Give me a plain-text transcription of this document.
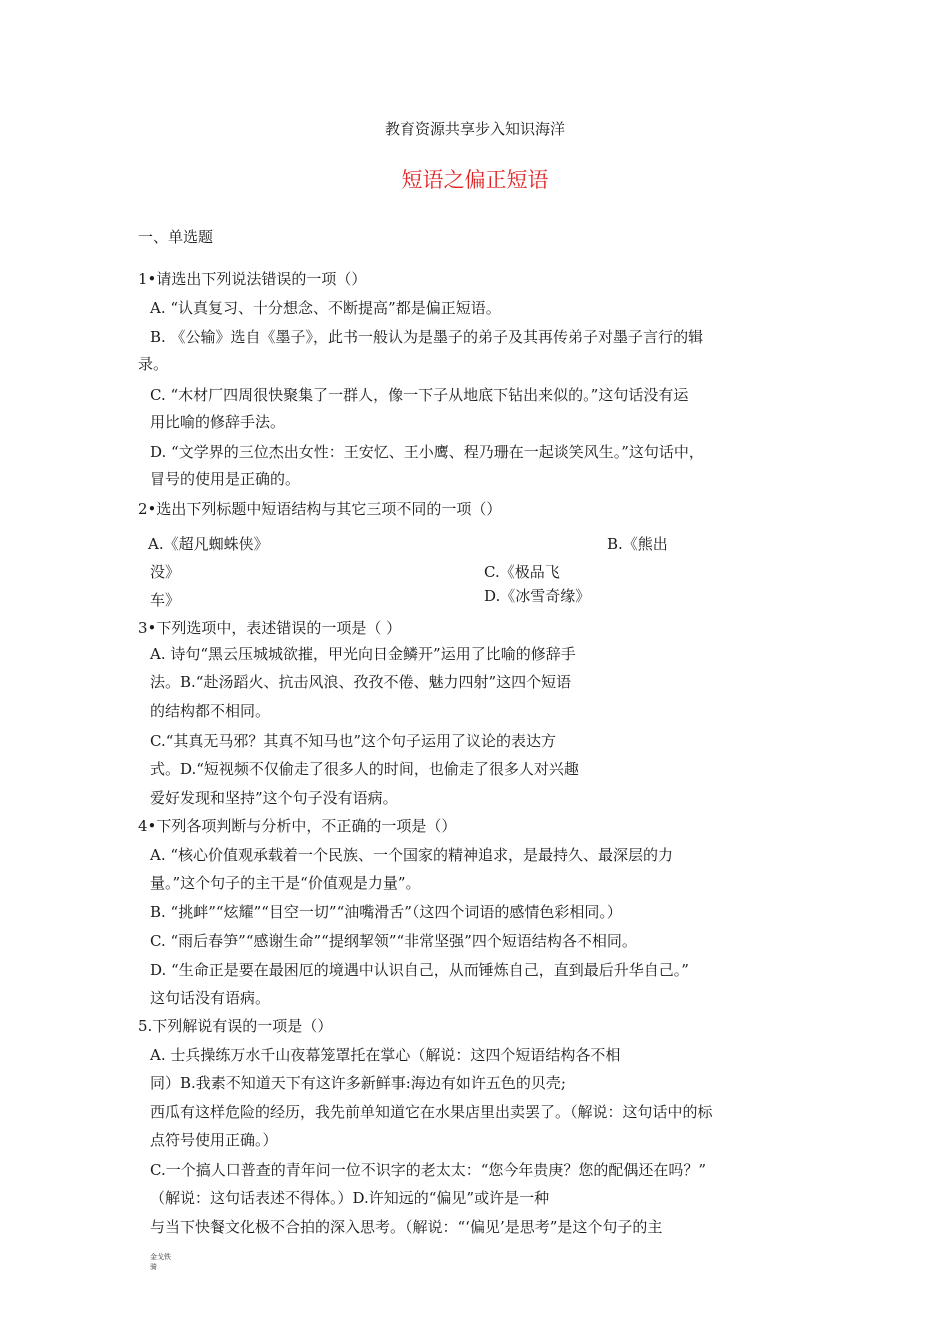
教育资源共享步入知识海洋
短语之偏正短语
一、单选题
1•请选出下列说法错误的一项（）
A. “认真复习、十分想念、不断提高”都是偏正短语。
B. 《公输》选自《墨子》，此书一般认为是墨子的弟子及其再传弟子对墨子言行的辑
录。
C. “木材厂四周很快聚集了一群人，像一下子从地底下钻出来似的。”这句话没有运
用比喻的修辞手法。
D. “文学界的三位杰出女性：王安忆、王小鹰、程乃珊在一起谈笑风生。”这句话中，
冒号的使用是正确的。
2•选出下列标题中短语结构与其它三项不同的一项（）
A.《超凡蜘蛛侠》	B.《熊出
没》	C.《极品飞
车》	D.《冰雪奇缘》
3•下列选项中，表述错误的一项是（ ）
A. 诗句“黑云压城城欲摧，甲光向日金鳞开”运用了比喻的修辞手
法。B.“赴汤蹈火、抗击风浪、孜孜不倦、魅力四射”这四个短语
的结构都不相同。
C.“其真无马邪？其真不知马也”这个句子运用了议论的表达方
式。D.“短视频不仅偷走了很多人的时间，也偷走了很多人对兴趣
爱好发现和坚持”这个句子没有语病。
4•下列各项判断与分析中，不正确的一项是（）
A. “核心价值观承载着一个民族、一个国家的精神追求，是最持久、最深层的力
量。”这个句子的主干是“价值观是力量”。
B. “挑衅”“炫耀”“目空一切”“油嘴滑舌”（这四个词语的感情色彩相同。）
C. “雨后春笋”“感谢生命”“提纲挈领”“非常坚强”四个短语结构各不相同。
D. “生命正是要在最困厄的境遇中认识自己，从而锤炼自己，直到最后升华自己。”
这句话没有语病。
5.下列解说有误的一项是（）
A. 士兵操练万水千山夜幕笼罩托在掌心（解说：这四个短语结构各不相
同）B.我素不知道天下有这许多新鲜事:海边有如许五色的贝壳;
西瓜有这样危险的经历，我先前单知道它在水果店里出卖罢了。（解说：这句话中的标
点符号使用正确。）
C.一个搞人口普查的青年问一位不识字的老太太：“您今年贵庚？您的配偶还在吗？”
（解说：这句话表述不得体。）D.许知远的“偏见”或许是一种
与当下快餐文化极不合拍的深入思考。（解说：“‘偏见’是思考”是这个句子的主
金戈铁
骑
